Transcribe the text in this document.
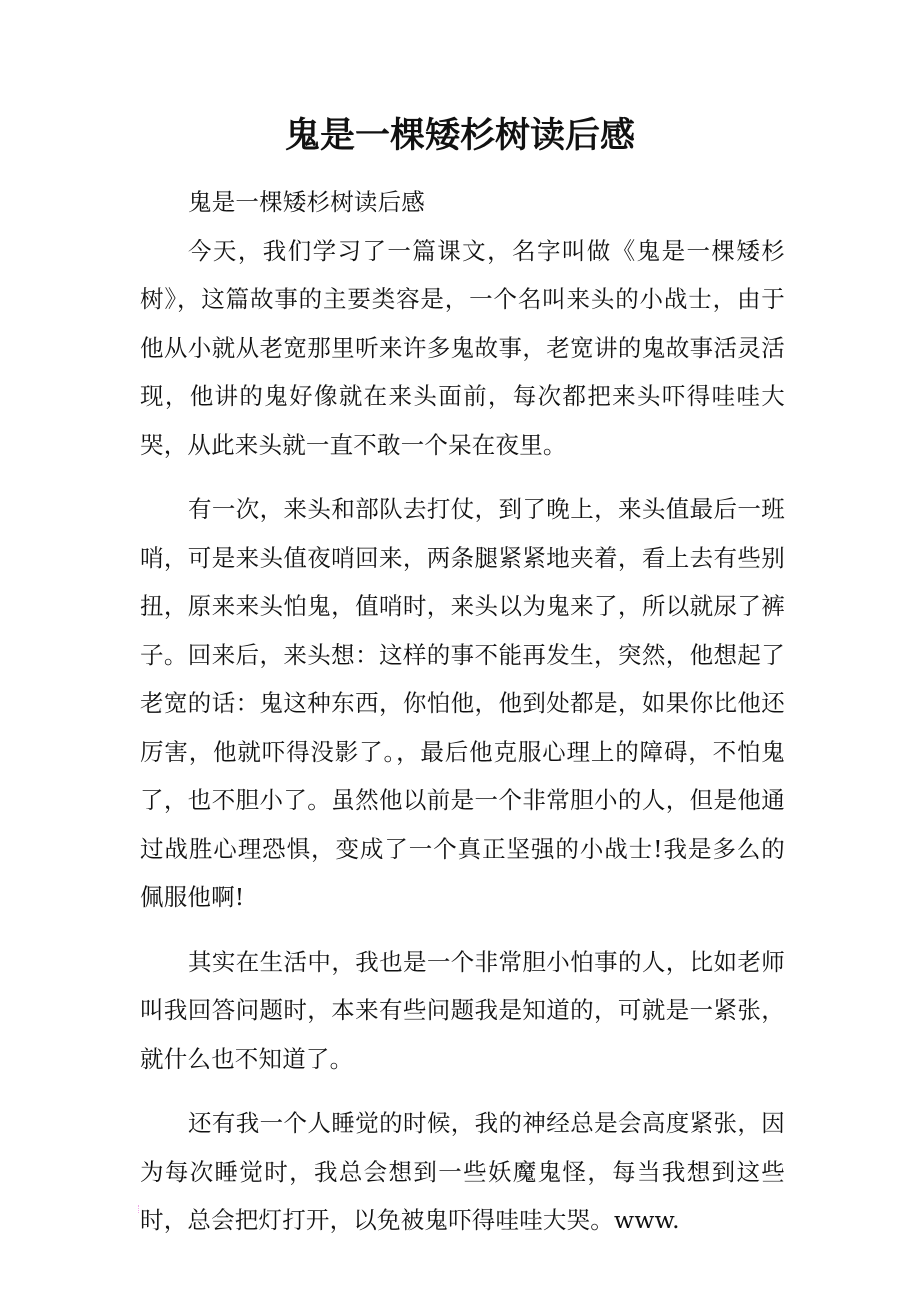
鬼是一棵矮杉树读后感

鬼是一棵矮杉树读后感

今天，我们学习了一篇课文，名字叫做《鬼是一棵矮杉树》，这篇故事的主要类容是，一个名叫来头的小战士，由于他从小就从老宽那里听来许多鬼故事，老宽讲的鬼故事活灵活现，他讲的鬼好像就在来头面前，每次都把来头吓得哇哇大哭，从此来头就一直不敢一个呆在夜里。

有一次，来头和部队去打仗，到了晚上，来头值最后一班哨，可是来头值夜哨回来，两条腿紧紧地夹着，看上去有些别扭，原来来头怕鬼，值哨时，来头以为鬼来了，所以就尿了裤子。回来后，来头想：这样的事不能再发生，突然，他想起了老宽的话：鬼这种东西，你怕他，他到处都是，如果你比他还厉害，他就吓得没影了。，最后他克服心理上的障碍，不怕鬼了，也不胆小了。虽然他以前是一个非常胆小的人，但是他通过战胜心理恐惧，变成了一个真正坚强的小战士!我是多么的佩服他啊!

其实在生活中，我也是一个非常胆小怕事的人，比如老师叫我回答问题时，本来有些问题我是知道的，可就是一紧张，就什么也不知道了。

还有我一个人睡觉的时候，我的神经总是会高度紧张，因为每次睡觉时，我总会想到一些妖魔鬼怪，每当我想到这些时，总会把灯打开，以免被鬼吓得哇哇大哭。www.
